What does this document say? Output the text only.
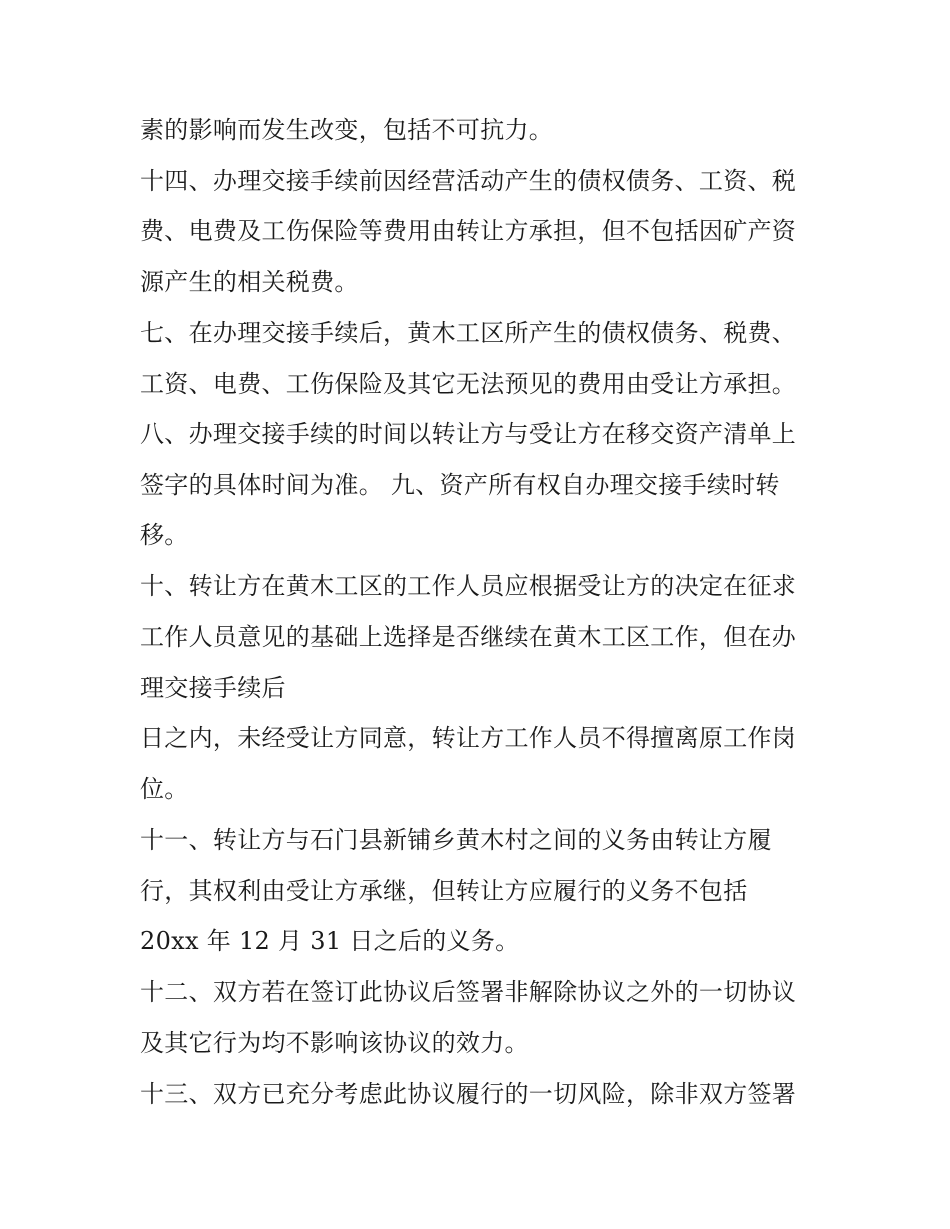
素的影响而发生改变，包括不可抗力。
十四、办理交接手续前因经营活动产生的债权债务、工资、税
费、电费及工伤保险等费用由转让方承担，但不包括因矿产资
源产生的相关税费。
七、在办理交接手续后，黄木工区所产生的债权债务、税费、
工资、电费、工伤保险及其它无法预见的费用由受让方承担。
八、办理交接手续的时间以转让方与受让方在移交资产清单上
签字的具体时间为准。 九、资产所有权自办理交接手续时转
移。
十、转让方在黄木工区的工作人员应根据受让方的决定在征求
工作人员意见的基础上选择是否继续在黄木工区工作，但在办
理交接手续后
日之内，未经受让方同意，转让方工作人员不得擅离原工作岗
位。
十一、转让方与石门县新铺乡黄木村之间的义务由转让方履
行，其权利由受让方承继，但转让方应履行的义务不包括
20xx 年 12 月 31 日之后的义务。
十二、双方若在签订此协议后签署非解除协议之外的一切协议
及其它行为均不影响该协议的效力。
十三、双方已充分考虑此协议履行的一切风险，除非双方签署
